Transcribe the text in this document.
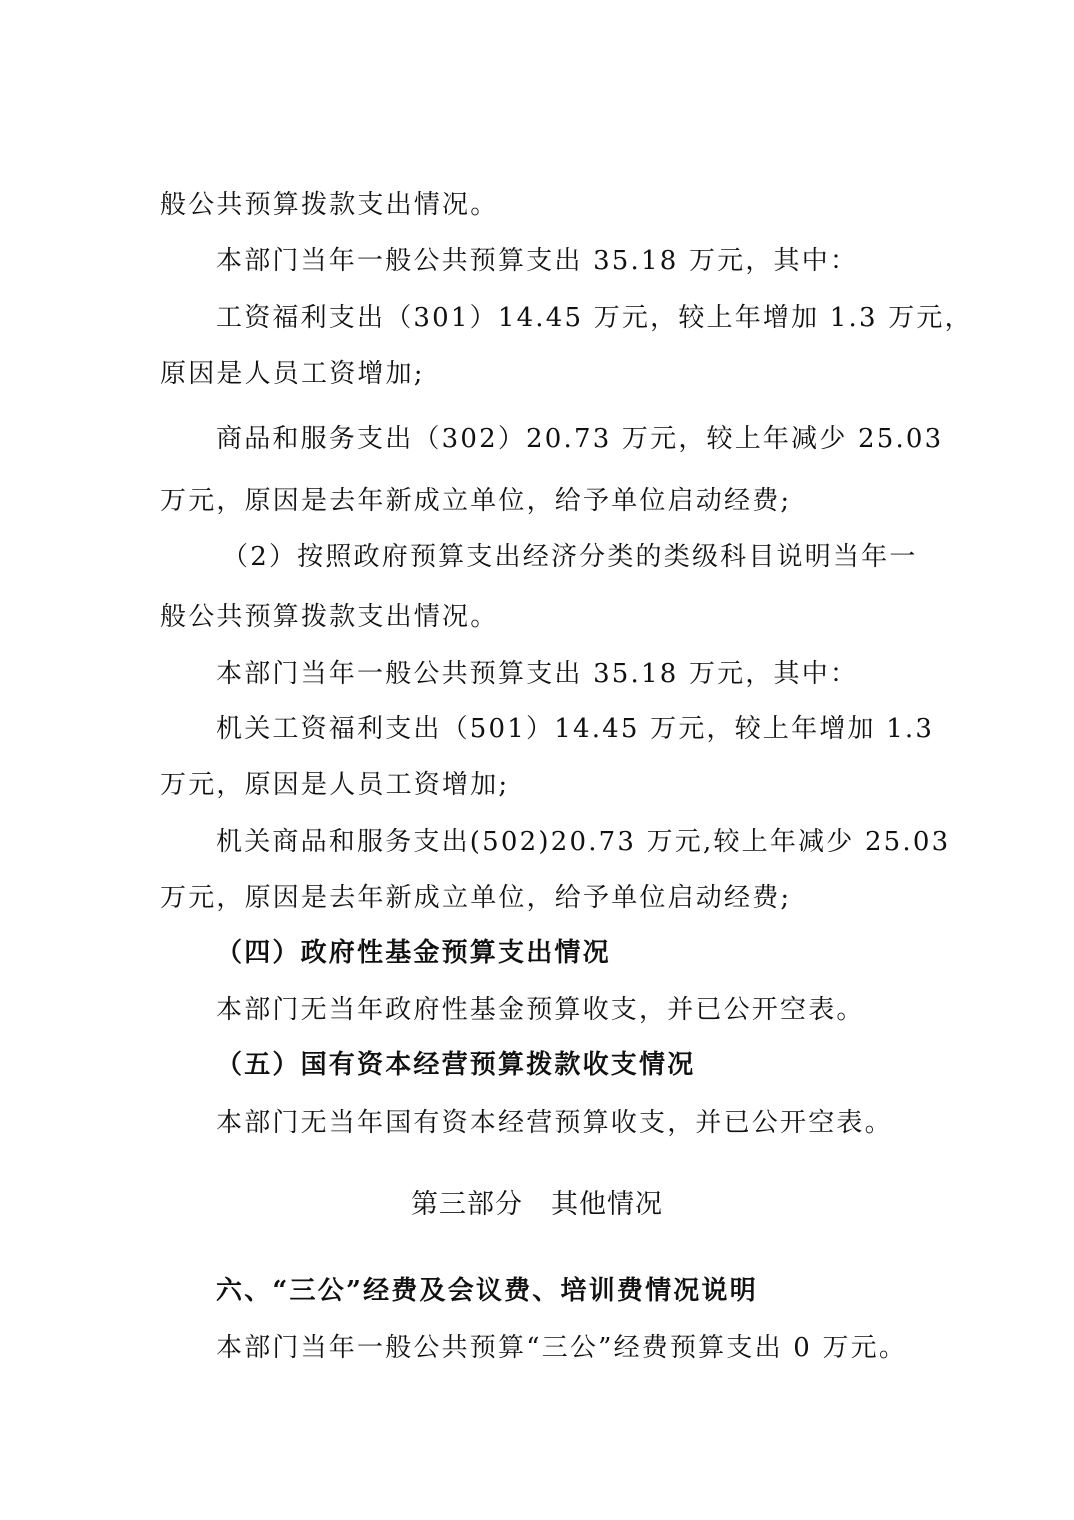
般公共预算拨款支出情况。
本部门当年一般公共预算支出 35.18 万元，其中：
工资福利支出（301）14.45 万元，较上年增加 1.3 万元，
原因是人员工资增加;
商品和服务支出（302）20.73 万元，较上年减少 25.03
万元，原因是去年新成立单位，给予单位启动经费;
（2）按照政府预算支出经济分类的类级科目说明当年一
般公共预算拨款支出情况。
本部门当年一般公共预算支出 35.18 万元，其中：
机关工资福利支出（501）14.45 万元，较上年增加 1.3
万元，原因是人员工资增加;
机关商品和服务支出(502)20.73 万元,较上年减少 25.03
万元，原因是去年新成立单位，给予单位启动经费;
（四）政府性基金预算支出情况
本部门无当年政府性基金预算收支，并已公开空表。
（五）国有资本经营预算拨款收支情况
本部门无当年国有资本经营预算收支，并已公开空表。
第三部分 其他情况
六、“三公”经费及会议费、培训费情况说明
本部门当年一般公共预算“三公”经费预算支出 0 万元。
